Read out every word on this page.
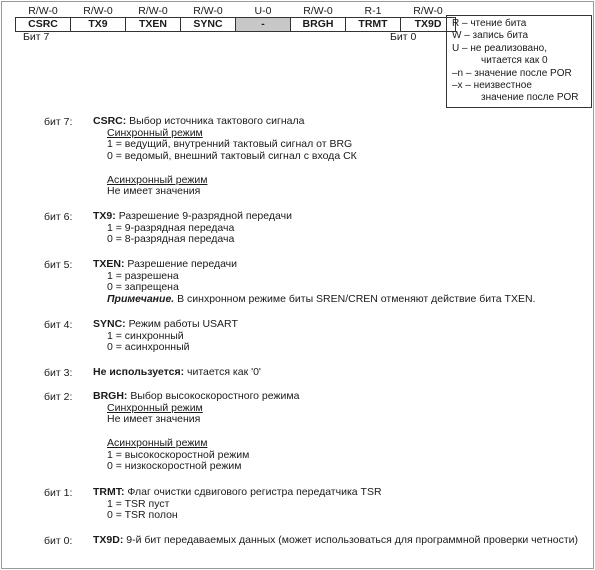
R/W-0	R/W-0	R/W-0	R/W-0	U-0	R/W-0	R-1	R/W-0
CSRC	TX9	TXEN	SYNC	-	BRGH	TRMT	TX9D
Бит 7	Бит 0
R – чтение бита
W – запись бита
U – не реализовано,
читается как 0
–n – значение после POR
–x – неизвестное
значение после POR
бит 7: CSRC: Выбор источника тактового сигнала
Синхронный режим
1 = ведущий, внутренний тактовый сигнал от BRG
0 = ведомый, внешний тактовый сигнал с входа СК
Асинхронный режим
Не имеет значения
бит 6: TX9: Разрешение 9-разрядной передачи
1 = 9-разрядная передача
0 = 8-разрядная передача
бит 5: TXEN: Разрешение передачи
1 = разрешена
0 = запрещена
Примечание. В синхронном режиме биты SREN/CREN отменяют действие бита TXEN.
бит 4: SYNC: Режим работы USART
1 = синхронный
0 = асинхронный
бит 3: Не используется: читается как '0'
бит 2: BRGH: Выбор высокоскоростного режима
Синхронный режим
Не имеет значения
Асинхронный режим
1 = высокоскоростной режим
0 = низкоскоростной режим
бит 1: TRMT: Флаг очистки сдвигового регистра передатчика TSR
1 = TSR пуст
0 = TSR полон
бит 0: TX9D: 9-й бит передаваемых данных (может использоваться для программной проверки четности)
